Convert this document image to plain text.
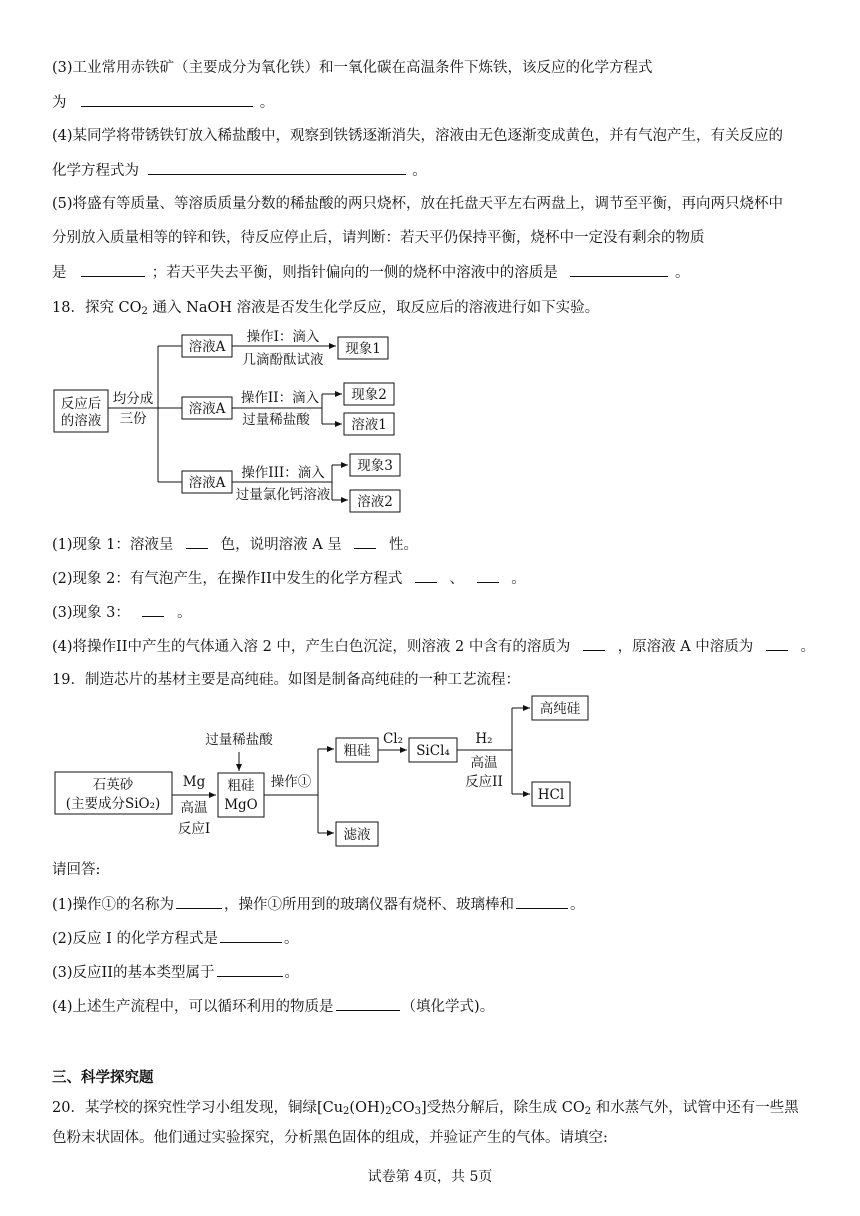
(3)工业常用赤铁矿（主要成分为氧化铁）和一氧化碳在高温条件下炼铁，该反应的化学方程式
为	。
(4)某同学将带锈铁钉放入稀盐酸中，观察到铁锈逐渐消失，溶液由无色逐渐变成黄色，并有气泡产生，有关反应的
化学方程式为	。
(5)将盛有等质量、等溶质质量分数的稀盐酸的两只烧杯，放在托盘天平左右两盘上，调节至平衡，再向两只烧杯中
分别放入质量相等的锌和铁，待反应停止后，请判断：若天平仍保持平衡，烧杯中一定没有剩余的物质
是	；若天平失去平衡，则指针偏向的一侧的烧杯中溶液中的溶质是	。
18．探究 $CO_2$ 通入 NaOH 溶液是否发生化学反应，取反应后的溶液进行如下实验。
反应后
的溶液
均分成
三份
溶液A
溶液A
溶液A
操作I：滴入
几滴酚酞试液
操作II：滴入
过量稀盐酸
操作III：滴入
过量氯化钙溶液
现象1
现象2
溶液1
现象3
溶液2
(1)现象 1：溶液呈	色，说明溶液 A 呈	性。
(2)现象 2：有气泡产生，在操作II中发生的化学方程式	、	。
(3)现象 3：	。
(4)将操作II中产生的气体通入溶 2 中，产生白色沉淀，则溶液 2 中含有的溶质为	，原溶液 A 中溶质为	。
19．制造芯片的基材主要是高纯硅。如图是制备高纯硅的一种工艺流程：
石英砂
(主要成分SiO₂)
Mg
高温
反应I
过量稀盐酸
粗硅
MgO
操作①
粗硅
滤液
Cl₂
SiCl₄
H₂
高温
反应II
高纯硅
HCl
请回答:
(1)操作①的名称为	，操作①所用到的玻璃仪器有烧杯、玻璃棒和	。
(2)反应 I 的化学方程式是	。
(3)反应II的基本类型属于	。
(4)上述生产流程中，可以循环利用的物质是	（填化学式)。
三、科学探究题
20．某学校的探究性学习小组发现，铜绿$[Cu_2(OH)_2CO_3]$受热分解后，除生成 $CO_2$ 和水蒸气外，试管中还有一些黑
色粉末状固体。他们通过实验探究，分析黑色固体的组成，并验证产生的气体。请填空:
试卷第 4页，共 5页
